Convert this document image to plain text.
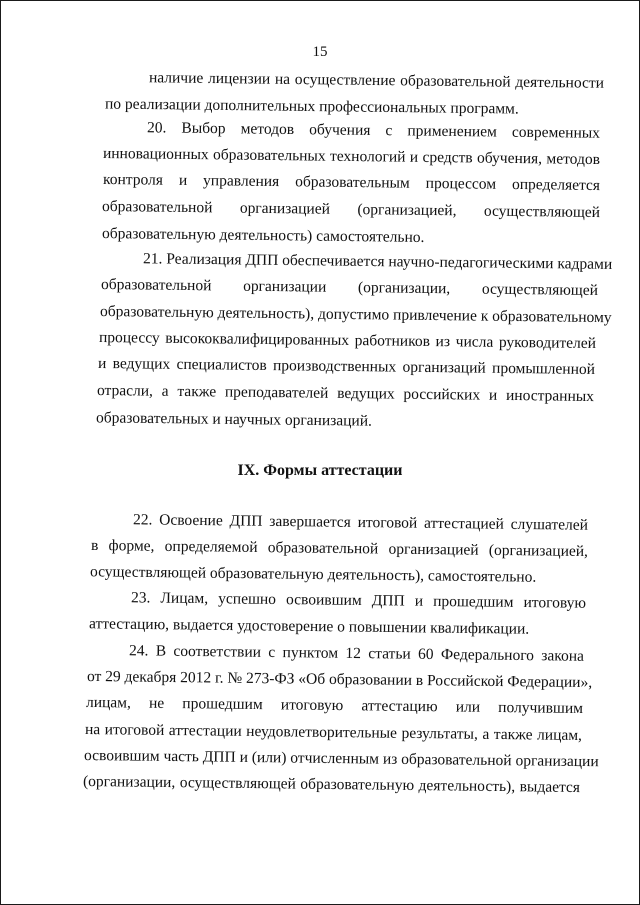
15
наличие лицензии на осуществление образовательной деятельности
по реализации дополнительных профессиональных программ.
20. Выбор методов обучения с применением современных
инновационных образовательных технологий и средств обучения, методов
контроля и управления образовательным процессом определяется
образовательной организацией (организацией, осуществляющей
образовательную деятельность) самостоятельно.
21. Реализация ДПП обеспечивается научно-педагогическими кадрами
образовательной организации (организации, осуществляющей
образовательную деятельность), допустимо привлечение к образовательному
процессу высококвалифицированных работников из числа руководителей
и ведущих специалистов производственных организаций промышленной
отрасли, а также преподавателей ведущих российских и иностранных
образовательных и научных организаций.
IX. Формы аттестации
22. Освоение ДПП завершается итоговой аттестацией слушателей
в форме, определяемой образовательной организацией (организацией,
осуществляющей образовательную деятельность), самостоятельно.
23. Лицам, успешно освоившим ДПП и прошедшим итоговую
аттестацию, выдается удостоверение о повышении квалификации.
24. В соответствии с пунктом 12 статьи 60 Федерального закона
от 29 декабря 2012 г. № 273-ФЗ «Об образовании в Российской Федерации»,
лицам, не прошедшим итоговую аттестацию или получившим
на итоговой аттестации неудовлетворительные результаты, а также лицам,
освоившим часть ДПП и (или) отчисленным из образовательной организации
(организации, осуществляющей образовательную деятельность), выдается
